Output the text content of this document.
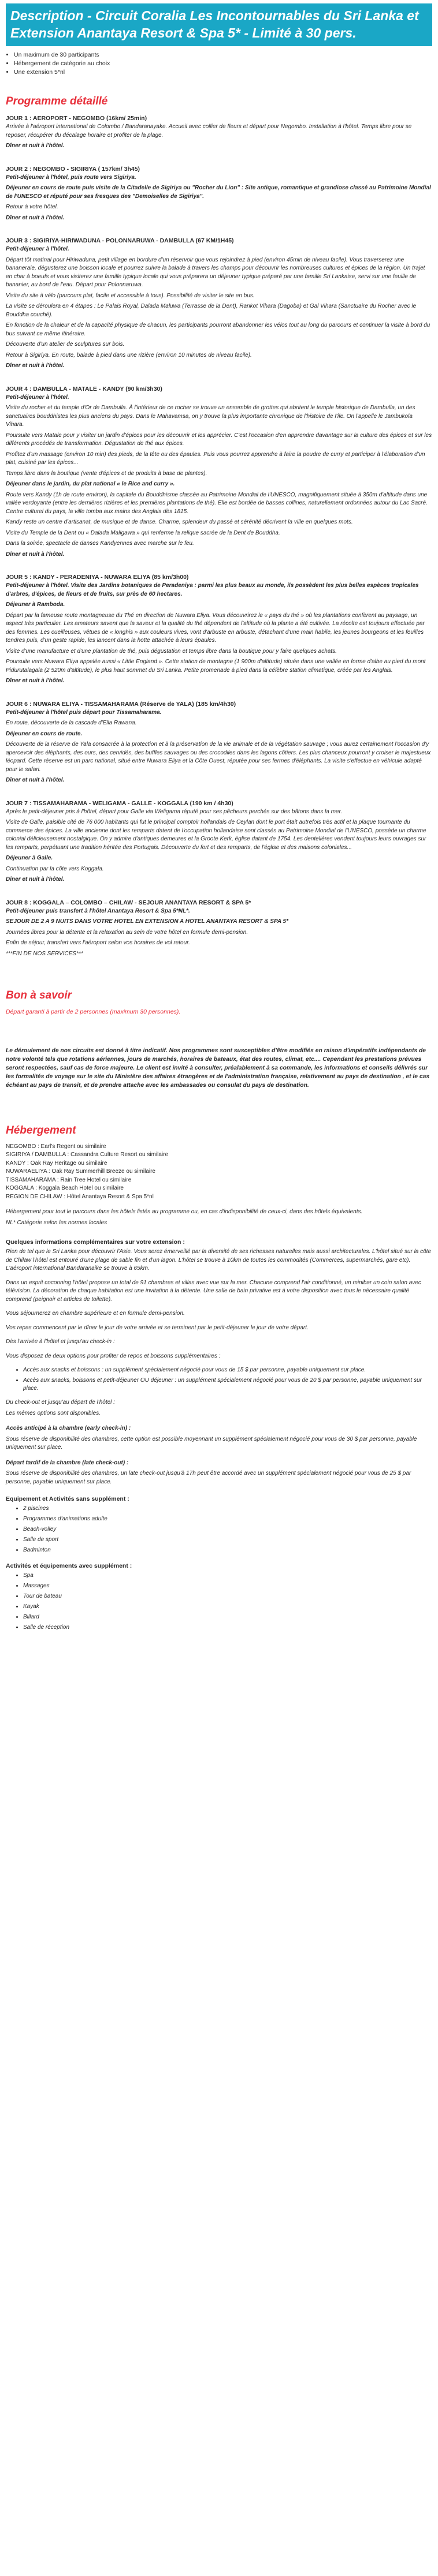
Description - Circuit Coralia Les Incontournables du Sri Lanka et Extension Anantaya Resort & Spa 5* - Limité à 30 pers.
• Un maximum de 30 participants
• Hébergement de catégorie au choix
• Une extension 5*nl
Programme détaillé
JOUR 1 : AEROPORT - NEGOMBO (16km/ 25min)

Arrivée à l'aéroport international de Colombo / Bandaranayake. Accueil avec collier de fleurs et départ pour Negombo. Installation à l'hôtel. Temps libre pour se reposer, récupérer du décalage horaire et profiter de la plage.

Dîner et nuit à l'hôtel.

JOUR 2 : NEGOMBO - SIGIRIYA ( 157km/ 3h45)

Petit-déjeuner à l'hôtel, puis route vers Sigiriya.

Déjeuner en cours de route puis visite de la Citadelle de Sigiriya ou "Rocher du Lion" : Site antique, romantique et grandiose classé au Patrimoine Mondial de l'UNESCO et réputé pour ses fresques des "Demoiselles de Sigiriya".

Retour à votre hôtel.

Dîner et nuit à l'hôtel.

JOUR 3 : SIGIRIYA-HIRIWADUNA - POLONNARUWA - DAMBULLA (67 KM/1H45)

Petit-déjeuner à l'hôtel.

Départ tôt matinal pour Hiriwaduna, petit village en bordure d'un réservoir que vous rejoindrez à pied (environ 45min de niveau facile). Vous traverserez une bananeraie, dégusterez une boisson locale et pourrez suivre la balade à travers les champs pour découvrir les nombreuses cultures et épices de la région. Un trajet en char à boeufs et vous visiterez une famille typique locale qui vous préparera un déjeuner typique préparé par une famille Sri Lankaise, servi sur une feuille de bananier, au bord de l'eau. Départ pour Polonnaruwa.

Visite du site à vélo (parcours plat, facile et accessible à tous). Possibilité de visiter le site en bus.

La visite se déroulera en 4 étapes : Le Palais Royal, Dalada Maluwa (Terrasse de la Dent), Rankot Vihara (Dagoba) et Gal Vihara (Sanctuaire du Rocher avec le Bouddha couché).

En fonction de la chaleur et de la capacité physique de chacun, les participants pourront abandonner les vélos tout au long du parcours et continuer la visite à bord du bus suivant ce même itinéraire.

Découverte d'un atelier de sculptures sur bois.

Retour à Sigiriya. En route, balade à pied dans une rizière (environ 10 minutes de niveau facile).

Dîner et nuit à l'hôtel.

JOUR 4 : DAMBULLA - MATALE - KANDY (90 km/3h30)

Petit-déjeuner à l'hôtel.

Visite du rocher et du temple d'Or de Dambulla. À l'intérieur de ce rocher se trouve un ensemble de grottes qui abritent le temple historique de Dambulla, un des sanctuaires bouddhistes les plus anciens du pays. Dans le Mahavamsa, on y trouve la plus importante chronique de l'histoire de l'île. On l'appelle le Jambukola Vihara.

Poursuite vers Matale pour y visiter un jardin d'épices pour les découvrir et les apprécier. C'est l'occasion d'en apprendre davantage sur la culture des épices et sur les différents procédés de transformation. Dégustation de thé aux épices.

Profitez d'un massage (environ 10 min) des pieds, de la tête ou des épaules. Puis vous pourrez apprendre à faire la poudre de curry et participer à l'élaboration d'un plat, cuisiné par les épices...

Temps libre dans la boutique (vente d'épices et de produits à base de plantes).

Déjeuner dans le jardin, du plat national « le Rice and curry ».

Route vers Kandy (1h de route environ), la capitale du Bouddhisme classée au Patrimoine Mondial de l'UNESCO, magnifiquement située à 350m d'altitude dans une vallée verdoyante (entre les dernières rizières et les premières plantations de thé). Elle est bordée de basses collines, naturellement ordonnées autour du Lac Sacré. Centre culturel du pays, la ville tomba aux mains des Anglais dès 1815.

Kandy reste un centre d'artisanat, de musique et de danse. Charme, splendeur du passé et sérénité décrivent la ville en quelques mots.

Visite du Temple de la Dent ou « Dalada Maligawa » qui renferme la relique sacrée de la Dent de Bouddha.

Dans la soirée, spectacle de danses Kandyennes avec marche sur le feu.

Dîner et nuit à l'hôtel.

JOUR 5 : KANDY - PERADENIYA - NUWARA ELIYA (85 km/3h00)

Petit-déjeuner à l'hôtel. Visite des Jardins botaniques de Peradeniya : parmi les plus beaux au monde, ils possèdent les plus belles espèces tropicales d'arbres, d'épices, de fleurs et de fruits, sur près de 60 hectares.

Déjeuner à Rambodа.

Départ par la fameuse route montagneuse du Thé en direction de Nuwara Eliya. Vous découvrirez le « pays du thé » où les plantations confèrent au paysage, un aspect très particulier. Les amateurs savent que la saveur et la qualité du thé dépendent de l'altitude où la plante a été cultivée. La récolte est toujours effectuée par des femmes. Les cueilleuses, vêtues de « longhis » aux couleurs vives, vont d'arbuste en arbuste, détachant d'une main habile, les jeunes bourgeons et les feuilles tendres puis, d'un geste rapide, les lancent dans la hotte attachée à leurs épaules.

Visite d'une manufacture et d'une plantation de thé, puis dégustation et temps libre dans la boutique pour y faire quelques achats.

Poursuite vers Nuwara Eliya appelée aussi « Little England ». Cette station de montagne (1 900m d'altitude) située dans une vallée en forme d'albe au pied du mont Pidurutalagala (2 520m d'altitude), le plus haut sommet du Sri Lanka. Petite promenade à pied dans la célèbre station climatique, créée par les Anglais.

Dîner et nuit à l'hôtel.

JOUR 6 : NUWARA ELIYA - TISSAMAHARAMA (Réserve de YALA) (185 km/4h30)

Petit-déjeuner à l'hôtel puis départ pour Tissamaharama.

En route, découverte de la cascade d'Ella Rawana.

Déjeuner en cours de route.

Découverte de la réserve de Yala consacrée à la protection et à la préservation de la vie animale et de la végétation sauvage ; vous aurez certainement l'occasion d'y apercevoir des éléphants, des ours, des cervidés, des buffles sauvages ou des crocodiles dans les lagons côtiers. Les plus chanceux pourront y croiser le majestueux léopard. Cette réserve est un parc national, situé entre Nuwara Eliya et la Côte Ouest, réputée pour ses fermes d'éléphants. La visite s'effectue en véhicule adapté pour le safari.

Dîner et nuit à l'hôtel.

JOUR 7 : TISSAMAHARAMA - WELIGAMA - GALLE - KOGGALA (190 km / 4h30)

Après le petit-déjeuner pris à l'hôtel, départ pour Galle via Weligama réputé pour ses pêcheurs perchés sur des bâtons dans la mer.

Visite de Galle, paisible cité de 76 000 habitants qui fut le principal comptoir hollandais de Ceylan dont le port était autrefois très actif et la plaque tournante du commerce des épices. La ville ancienne dont les remparts datent de l'occupation hollandaise sont classés au Patrimoine Mondial de l'UNESCO, possède un charme colonial délicieusement nostalgique. On y admire d'antiques demeures et la Groote Kerk, église datant de 1754. Les dentelières vendent toujours leurs ouvrages sur les remparts, perpétuant une tradition héritée des Portugais. Découverte du fort et des remparts, de l'église et des maisons coloniales...

Déjeuner à Galle.

Continuation par la côte vers Koggala.

Dîner et nuit à l'hôtel.

JOUR 8 : KOGGALA – COLOMBO – CHILAW - SEJOUR ANANTAYA RESORT & SPA 5*

Petit-déjeuner puis transfert à l'hôtel Anantaya Resort & Spa 5*NL*.

SEJOUR DE 2 A 9 NUITS DANS VOTRE HOTEL EN EXTENSION A HOTEL ANANTAYA RESORT & SPA 5*

Journées libres pour la détente et la relaxation au sein de votre hôtel en formule demi-pension.

Enfin de séjour, transfert vers l'aéroport selon vos horaires de vol retour.

***FIN DE NOS SERVICES***

Bon à savoir

Départ garanti à partir de 2 personnes (maximum 30 personnes).

Le déroulement de nos circuits est donné à titre indicatif. Nos programmes sont susceptibles d'être modifiés en raison d'impératifs indépendants de notre volonté tels que rotations aériennes, jours de marchés, horaires de bateaux, état des routes, climat, etc.... Cependant les prestations prévues seront respectées, sauf cas de force majeure. Le client est invité à consulter, préalablement à sa commande, les informations et conseils délivrés sur les formalités de voyage sur le site du Ministère des affaires étrangères et de l'administration française, relativement au pays de destination , et le cas échéant au pays de transit, et de prendre attache avec les ambassades ou consulat du pays de destination.

Hébergement

NEGOMBO : Earl's Regent ou similaire

SIGIRIYA / DAMBULLA : Cassandra Culture Resort ou similaire

KANDY : Oak Ray Heritage ou similaire

NUWARAELIYA : Oak Ray Summerhill Breeze ou similaire

TISSAMAHARAMA : Rain Tree Hotel ou similaire

KOGGALA : Koggala Beach Hotel ou similaire

REGION DE CHILAW : Hôtel Anantaya Resort & Spa 5*nl

Hébergement pour tout le parcours dans les hôtels listés au programme ou, en cas d'indisponibilité de ceux-ci, dans des hôtels équivalents.

NL* Catégorie selon les normes locales

Quelques informations complémentaires sur votre extension :

Rien de tel que le Sri Lanka pour découvrir l'Asie. Vous serez émerveillé par la diversité de ses richesses naturelles mais aussi architecturales. L'hôtel situé sur la côte de Chilaw l'hôtel est entouré d'une plage de sable fin et d'un lagon. L'hôtel se trouve à 10km de toutes les commodités (Commerces, supermarchés, gare etc). L'aéroport international Bandaranaike se trouve à 65km.

Dans un esprit cocooning l'hôtel propose un total de 91 chambres et villas avec vue sur la mer. Chacune comprend l'air conditionné, un minibar un coin salon avec télévision. La décoration de chaque habitation est une invitation à la détente. Une salle de bain privative est à votre disposition avec tous le nécessaire qualité comprend (peignoir et articles de toilette).

Vous séjournerez en chambre supérieure et en formule demi-pension.

Vos repas commencent par le dîner le jour de votre arrivée et se terminent par le petit-déjeuner le jour de votre départ.

Dès l'arrivée à l'hôtel et jusqu'au check-in :

Vous disposez de deux options pour profiter de repos et boissons supplémentaires :

• Accès aux snacks et boissons : un supplément spécialement négocié pour vous de 15 $ par personne, payable uniquement sur place.
• Accès aux snacks, boissons et petit-déjeuner OU déjeuner : un supplément spécialement négocié pour vous de 20 $ par personne, payable uniquement sur place.

Du check-out et jusqu'au départ de l'hôtel :

Les mêmes options sont disponibles.

Accès anticipé à la chambre (early check-in) :

Sous réserve de disponibilité des chambres, cette option est possible moyennant un supplément spécialement négocié pour vous de 30 $ par personne, payable uniquement sur place.

Départ tardif de la chambre (late check-out) :

Sous réserve de disponibilité des chambres, un late check-out jusqu'à 17h peut être accordé avec un supplément spécialement négocié pour vous de 25 $ par personne, payable uniquement sur place.

Equipement et Activités sans supplément :
• 2 piscines
• Programmes d'animations adulte
• Beach-volley
• Salle de sport
• Badminton
Activités et équipements avec supplément :
• Spa
• Massages
• Tour de bateau
• Kayak
• Billard
• Salle de réception
